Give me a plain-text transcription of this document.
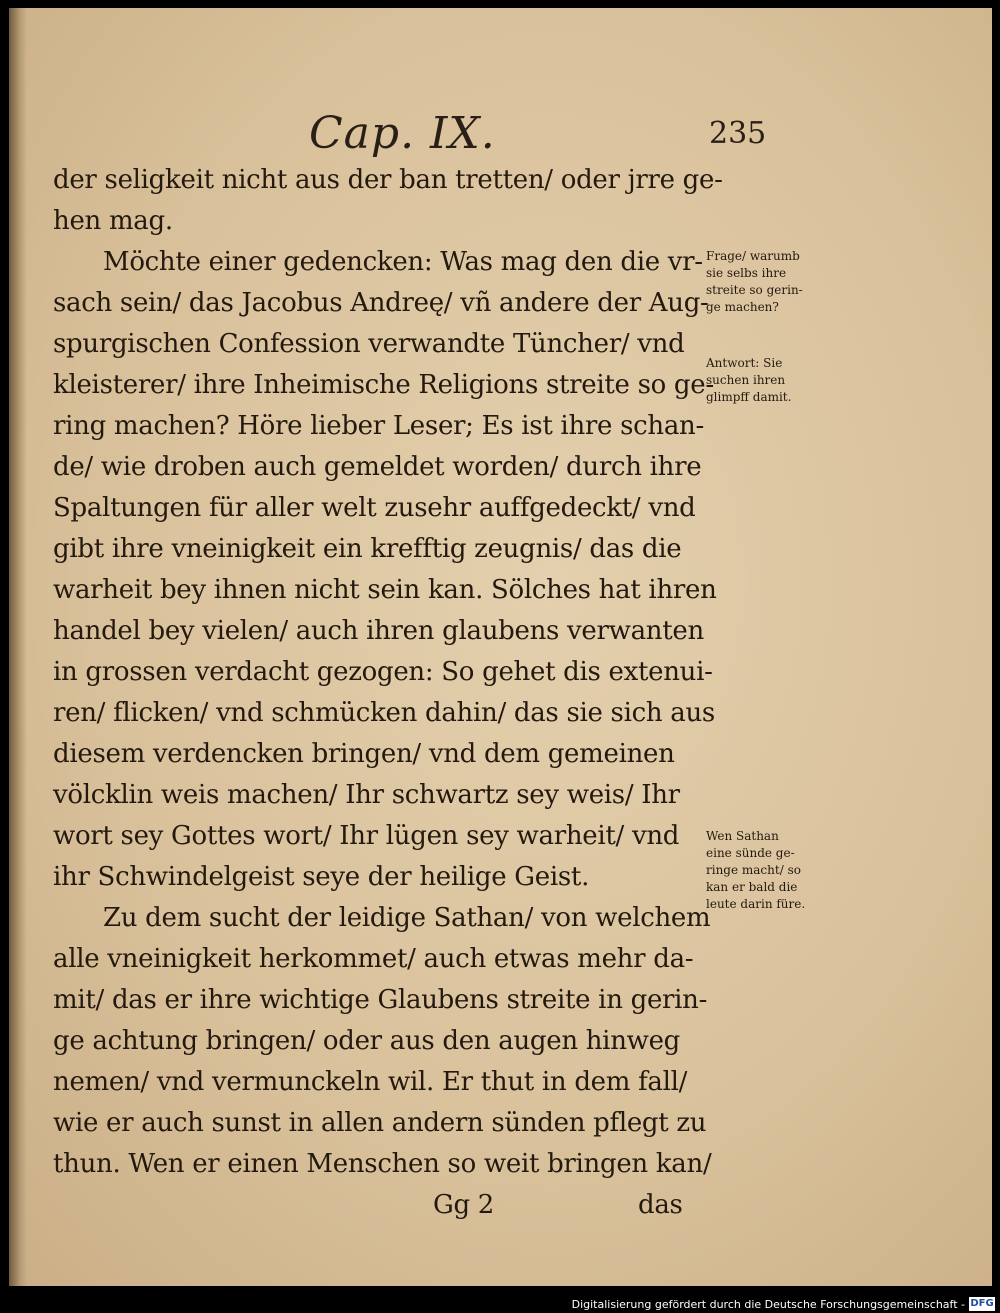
Cap. IX.	235
der seligkeit nicht aus der ban tretten/ oder jrre ge-
hen mag.
Möchte einer gedencken: Was mag den die vr-
sach sein/ das Jacobus Andreę/ vñ andere der Aug-
spurgischen Confession verwandte Tüncher/ vnd
kleisterer/ ihre Inheimische Religions streite so ge-
ring machen? Höre lieber Leser; Es ist ihre schan-
de/ wie droben auch gemeldet worden/ durch ihre
Spaltungen für aller welt zusehr auffgedeckt/ vnd
gibt ihre vneinigkeit ein krefftig zeugnis/ das die
warheit bey ihnen nicht sein kan. Sölches hat ihren
handel bey vielen/ auch ihren glaubens verwanten
in grossen verdacht gezogen: So gehet dis extenui-
ren/ flicken/ vnd schmücken dahin/ das sie sich aus
diesem verdencken bringen/ vnd dem gemeinen
völcklin weis machen/ Ihr schwartz sey weis/ Ihr
wort sey Gottes wort/ Ihr lügen sey warheit/ vnd
ihr Schwindelgeist seye der heilige Geist.
Zu dem sucht der leidige Sathan/ von welchem
alle vneinigkeit herkommet/ auch etwas mehr da-
mit/ das er ihre wichtige Glaubens streite in gerin-
ge achtung bringen/ oder aus den augen hinweg
nemen/ vnd vermunckeln wil. Er thut in dem fall/
wie er auch sunst in allen andern sünden pflegt zu
thun. Wen er einen Menschen so weit bringen kan/
Gg 2	das
Frage/ warumb
sie selbs ihre
streite so gerin-
ge machen?
Antwort: Sie
suchen ihren
glimpff damit.
Wen Sathan
eine sünde ge-
ringe macht/ so
kan er bald die
leute darin füre.
Digitalisierung gefördert durch die Deutsche Forschungsgemeinschaft - DFG
